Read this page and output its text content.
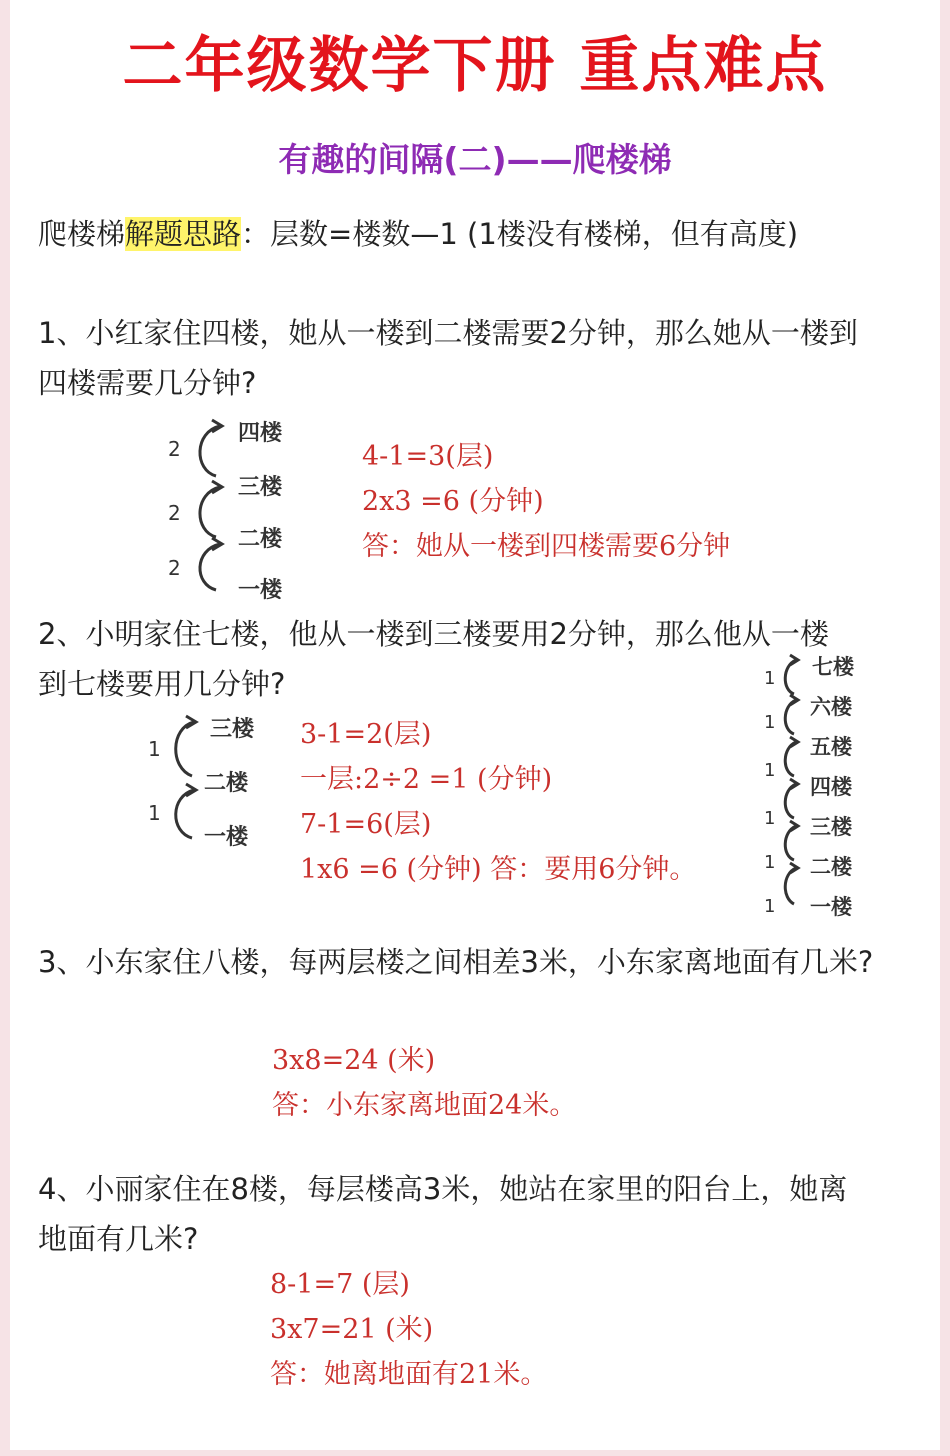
二年级数学下册 重点难点
有趣的间隔(二)——爬楼梯
爬楼梯解题思路：层数=楼数—1 (1楼没有楼梯，但有高度)
1、小红家住四楼，她从一楼到二楼需要2分钟，那么她从一楼到
四楼需要几分钟?
2
2
2
四楼
三楼
二楼
一楼
4-1=3(层)
2x3 =6 (分钟)
答：她从一楼到四楼需要6分钟
2、小明家住七楼，他从一楼到三楼要用2分钟，那么他从一楼
到七楼要用几分钟?
1
1
三楼
二楼
一楼
3-1=2(层)
一层:2÷2 =1 (分钟)
7-1=6(层)
1x6 =6 (分钟) 答：要用6分钟。
1
1
1
1
1
1
七楼
六楼
五楼
四楼
三楼
二楼
一楼
3、小东家住八楼，每两层楼之间相差3米，小东家离地面有几米?
3x8=24 (米)
答：小东家离地面24米。
4、小丽家住在8楼，每层楼高3米，她站在家里的阳台上，她离
地面有几米?
8-1=7 (层)
3x7=21 (米)
答：她离地面有21米。
